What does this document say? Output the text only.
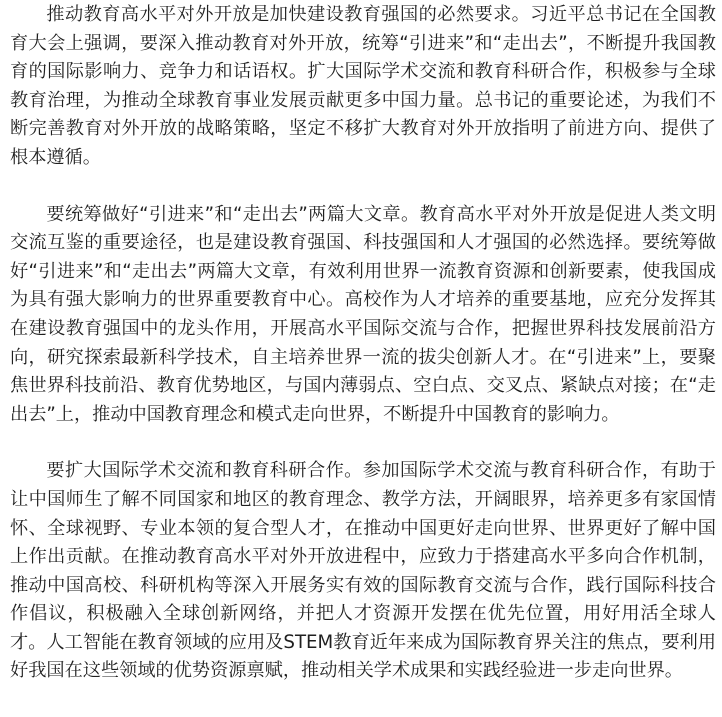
推动教育高水平对外开放是加快建设教育强国的必然要求。习近平总书记在全国教育大会上强调，要深入推动教育对外开放，统筹“引进来”和“走出去”，不断提升我国教育的国际影响力、竞争力和话语权。扩大国际学术交流和教育科研合作，积极参与全球教育治理，为推动全球教育事业发展贡献更多中国力量。总书记的重要论述，为我们不断完善教育对外开放的战略策略，坚定不移扩大教育对外开放指明了前进方向、提供了根本遵循。

要统筹做好“引进来”和“走出去”两篇大文章。教育高水平对外开放是促进人类文明交流互鉴的重要途径，也是建设教育强国、科技强国和人才强国的必然选择。要统筹做好“引进来”和“走出去”两篇大文章，有效利用世界一流教育资源和创新要素，使我国成为具有强大影响力的世界重要教育中心。高校作为人才培养的重要基地，应充分发挥其在建设教育强国中的龙头作用，开展高水平国际交流与合作，把握世界科技发展前沿方向，研究探索最新科学技术，自主培养世界一流的拔尖创新人才。在“引进来”上，要聚焦世界科技前沿、教育优势地区，与国内薄弱点、空白点、交叉点、紧缺点对接；在“走出去”上，推动中国教育理念和模式走向世界，不断提升中国教育的影响力。

要扩大国际学术交流和教育科研合作。参加国际学术交流与教育科研合作，有助于让中国师生了解不同国家和地区的教育理念、教学方法，开阔眼界，培养更多有家国情怀、全球视野、专业本领的复合型人才，在推动中国更好走向世界、世界更好了解中国上作出贡献。在推动教育高水平对外开放进程中，应致力于搭建高水平多向合作机制，推动中国高校、科研机构等深入开展务实有效的国际教育交流与合作，践行国际科技合作倡议，积极融入全球创新网络，并把人才资源开发摆在优先位置，用好用活全球人才。人工智能在教育领域的应用及STEM教育近年来成为国际教育界关注的焦点，要利用好我国在这些领域的优势资源禀赋，推动相关学术成果和实践经验进一步走向世界。
